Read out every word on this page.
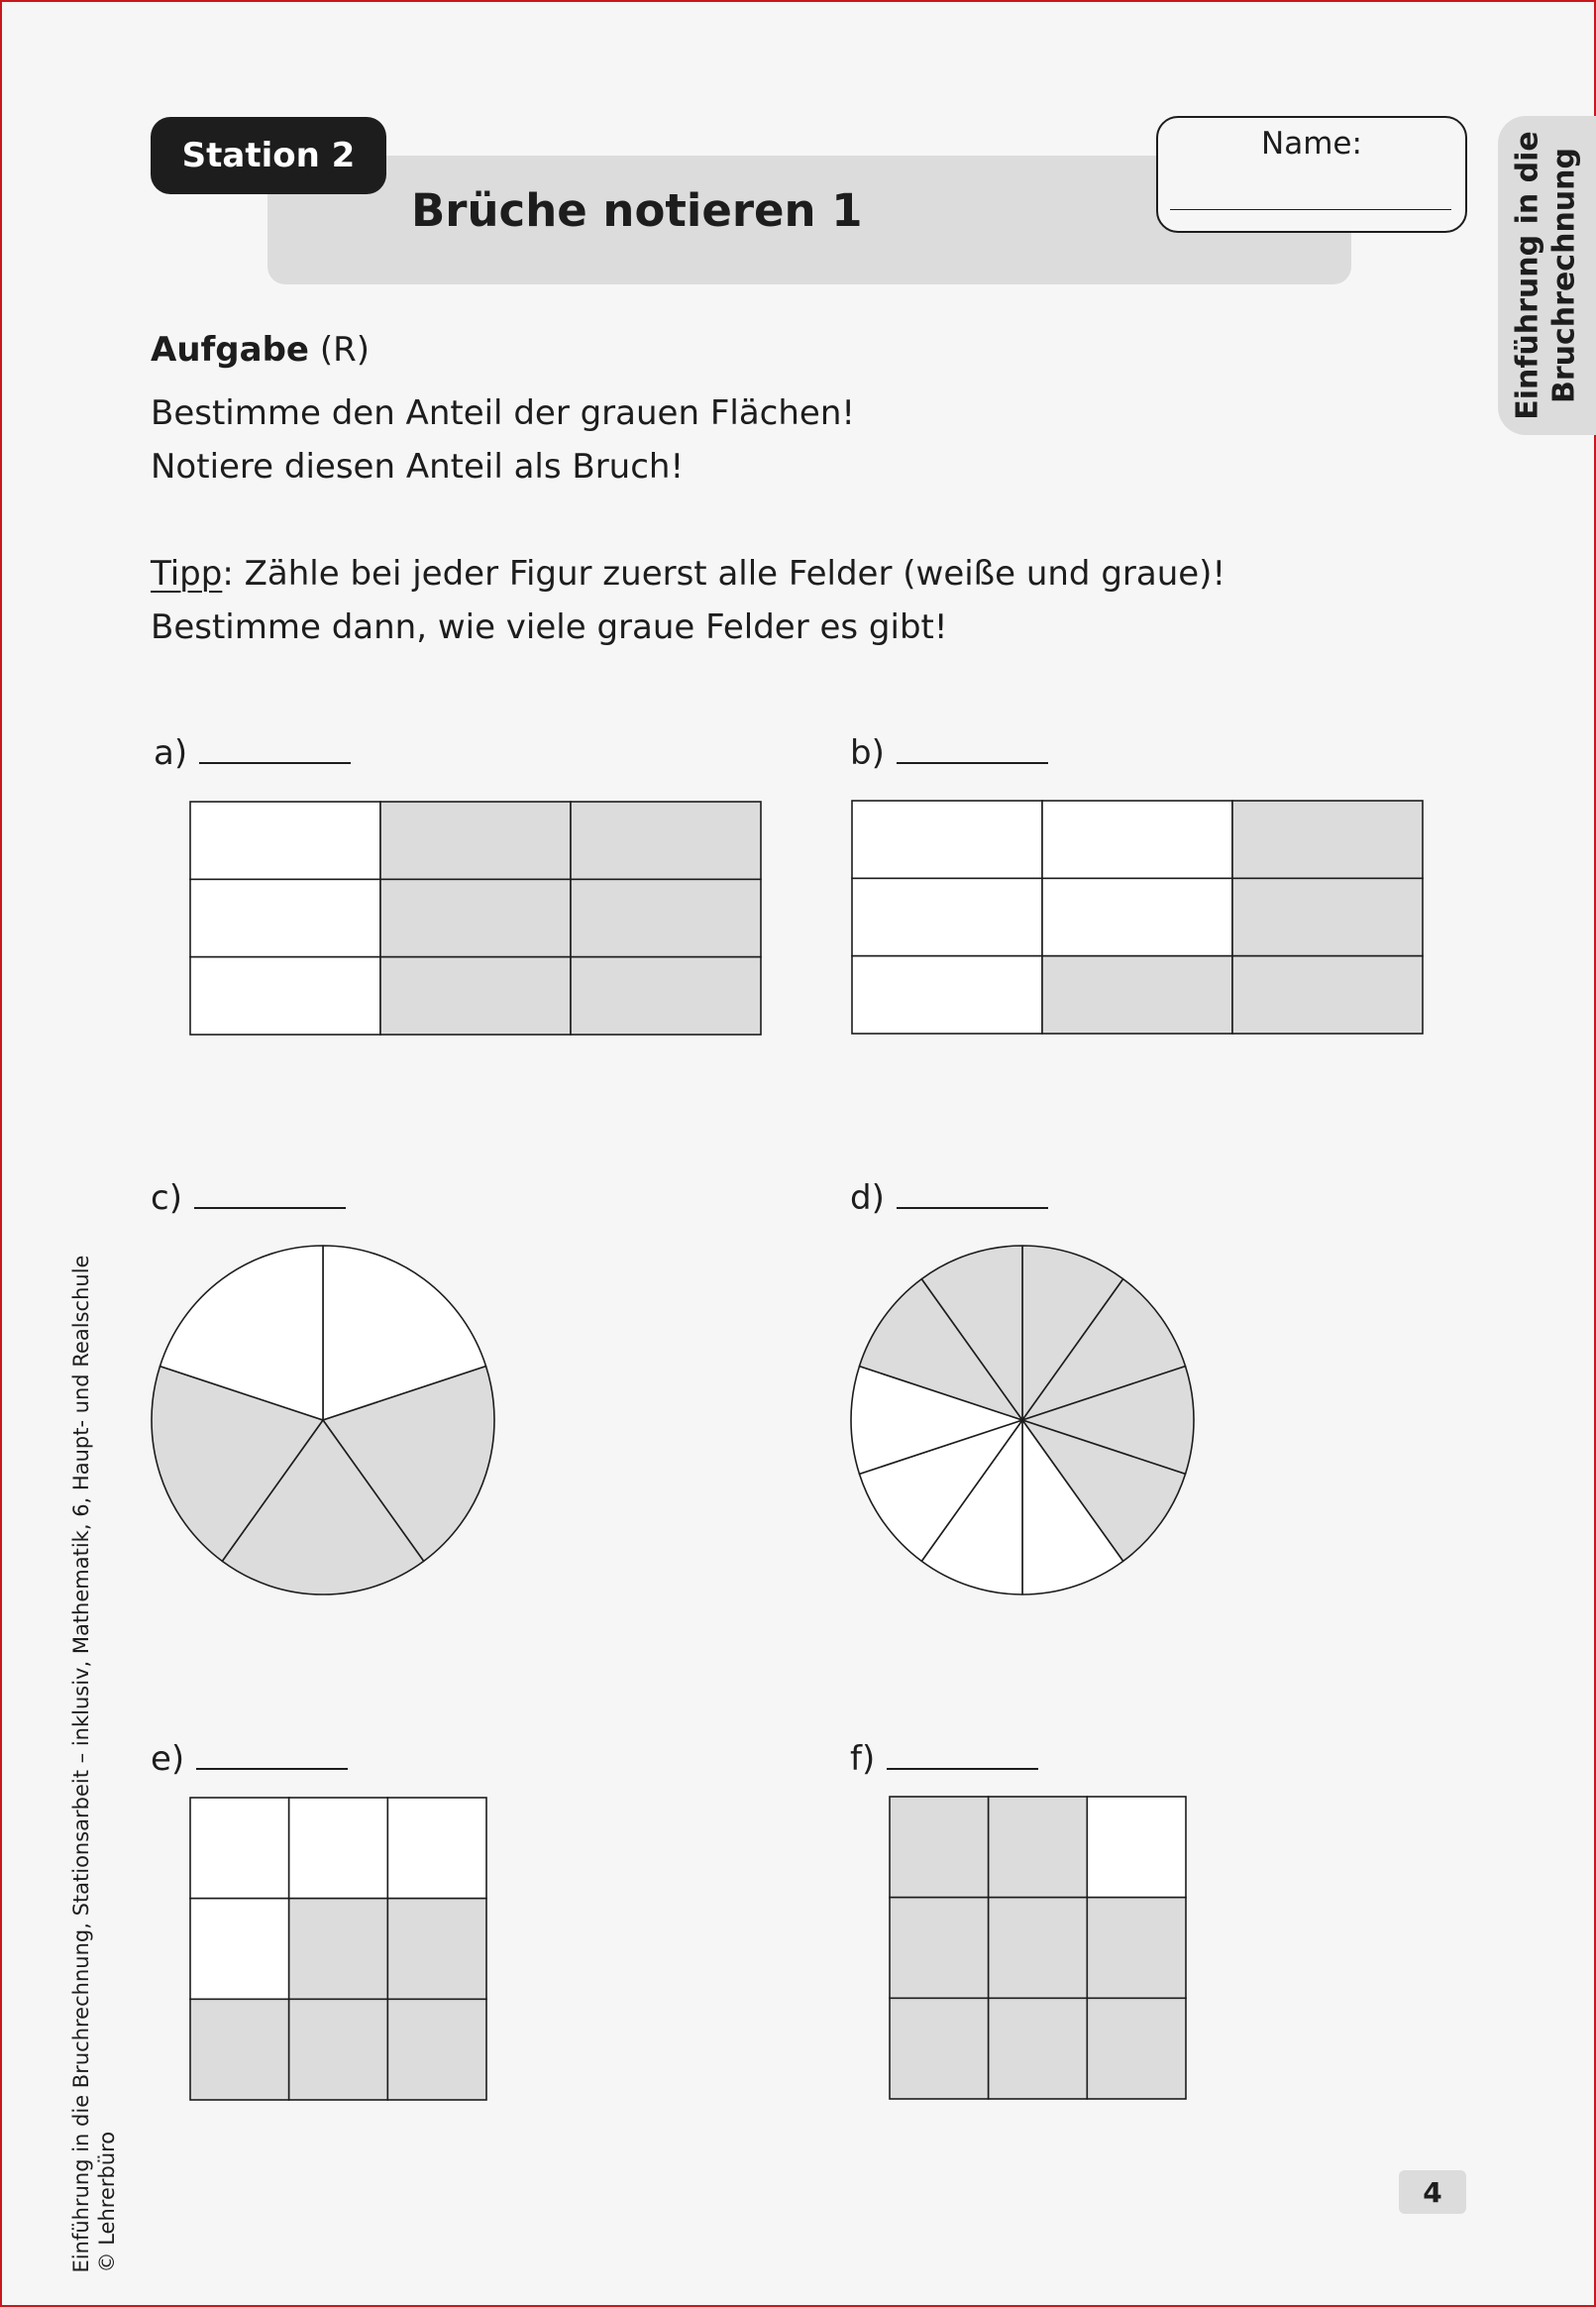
Station 2
Brüche notieren 1
Name:	Einführung in die Bruchrechnung
Aufgabe (R)
Bestimme den Anteil der grauen Flächen!
Notiere diesen Anteil als Bruch!
Tipp: Zähle bei jeder Figur zuerst alle Felder (weiße und graue)!
Bestimme dann, wie viele graue Felder es gibt!
a)	b)
c)	d)
e)	f)
Einführung in die Bruchrechnung, Stationsarbeit – inklusiv, Mathematik, 6, Haupt- und Realschule © Lehrerbüro	4
